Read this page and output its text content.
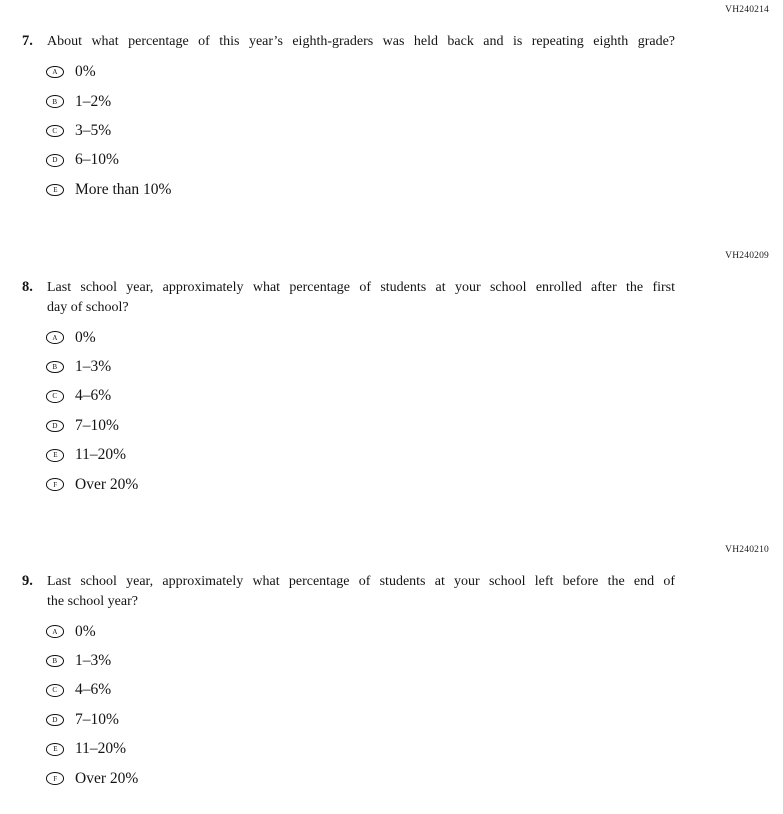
VH240214
7.	About what percentage of this year’s eighth-graders was held back and is repeating eighth grade?
A 0%
B 1–2%
C 3–5%
D 6–10%
E More than 10%
VH240209
8.	Last school year, approximately what percentage of students at your school enrolled after the first
day of school?
A 0%
B 1–3%
C 4–6%
D 7–10%
E 11–20%
F Over 20%
VH240210
9.	Last school year, approximately what percentage of students at your school left before the end of
the school year?
A 0%
B 1–3%
C 4–6%
D 7–10%
E 11–20%
F Over 20%
